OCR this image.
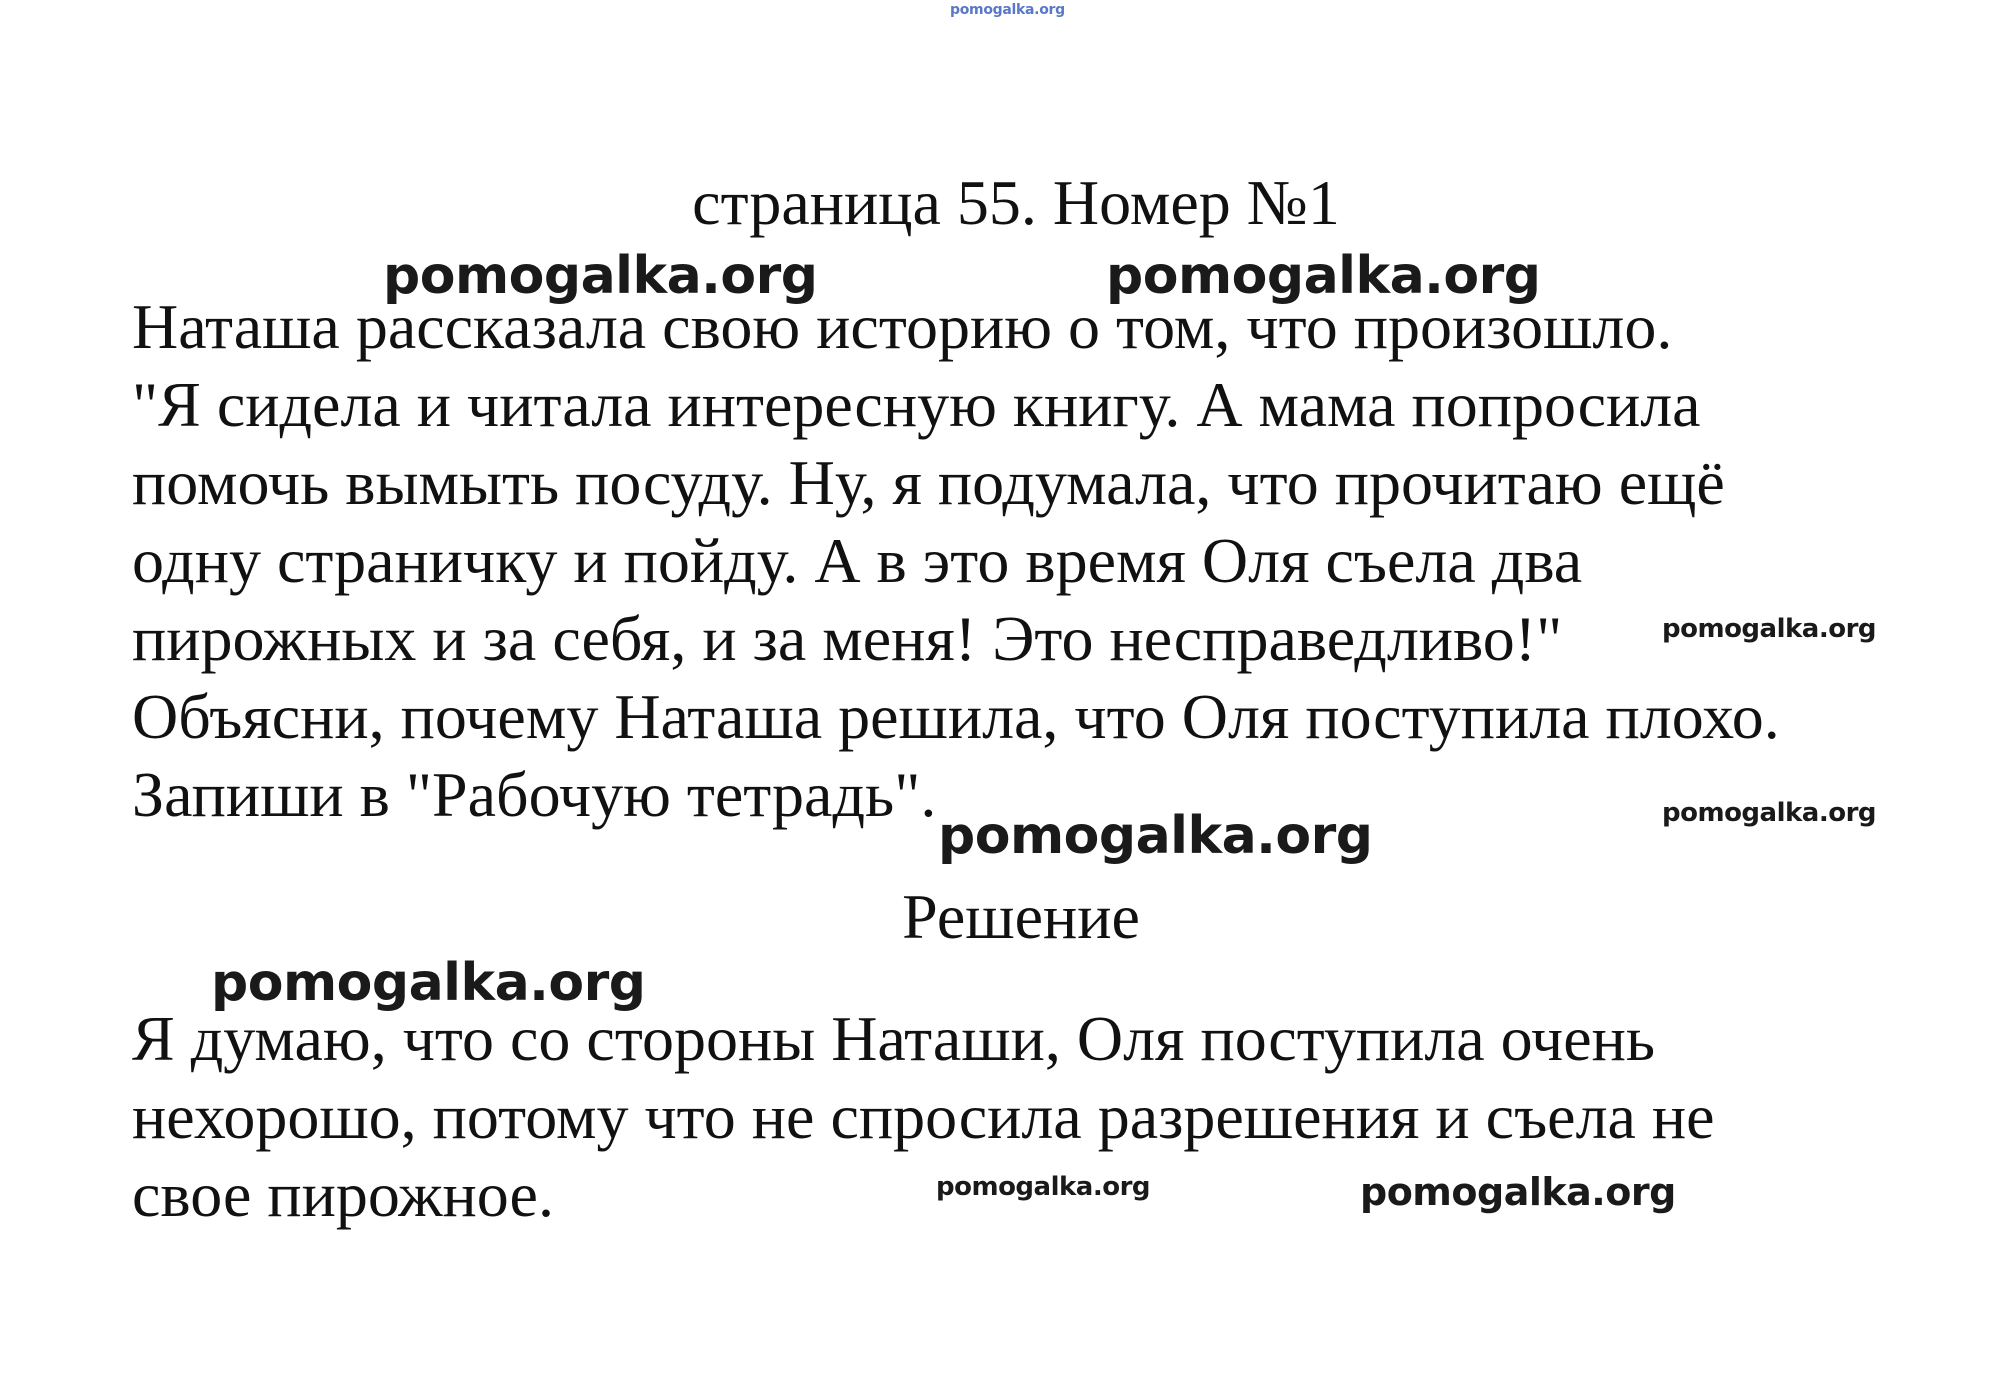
pomogalka.org
страница 55. Номер №1
Наташа рассказала свою историю о том, что произошло.
"Я сидела и читала интересную книгу. А мама попросила
помочь вымыть посуду. Ну, я подумала, что прочитаю ещё
одну страничку и пойду. А в это время Оля съела два
пирожных и за себя, и за меня! Это несправедливо!"
Объясни, почему Наташа решила, что Оля поступила плохо.
Запиши в "Рабочую тетрадь".
Решение
Я думаю, что со стороны Наташи, Оля поступила очень
нехорошо, потому что не спросила разрешения и съела не
свое пирожное.
pomogalka.org	pomogalka.org
pomogalka.org
pomogalka.org
pomogalka.org
pomogalka.org
pomogalka.org	pomogalka.org
